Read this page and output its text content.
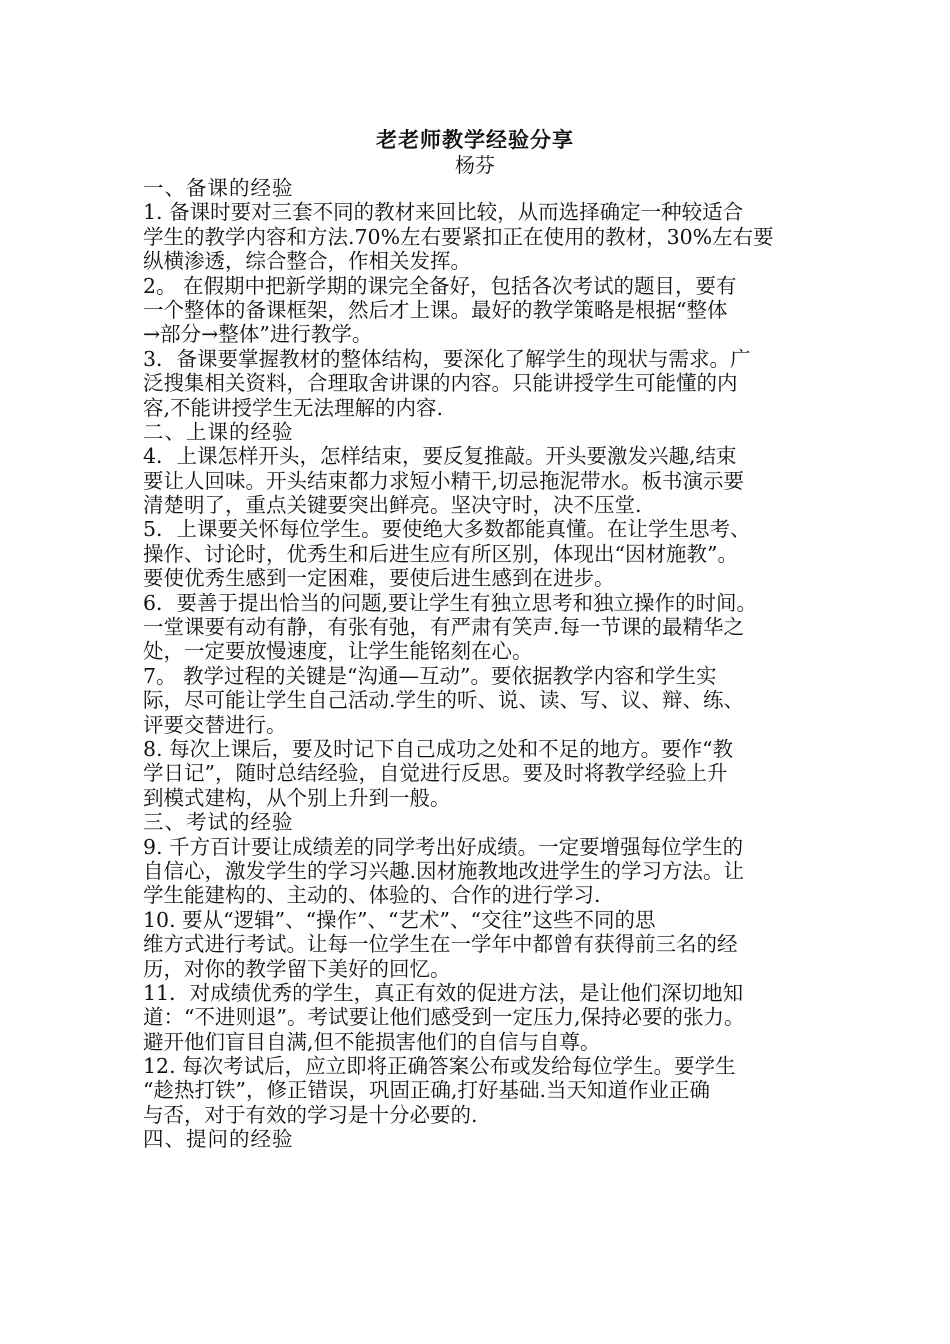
老老师教学经验分享
杨芬
一、备课的经验
1. 备课时要对三套不同的教材来回比较，从而选择确定一种较适合
学生的教学内容和方法.70%左右要紧扣正在使用的教材，30%左右要
纵横渗透，综合整合，作相关发挥。
2。 在假期中把新学期的课完全备好，包括各次考试的题目，要有
一个整体的备课框架，然后才上课。最好的教学策略是根据“整体
→部分→整体”进行教学。
3．备课要掌握教材的整体结构，要深化了解学生的现状与需求。广
泛搜集相关资料，合理取舍讲课的内容。只能讲授学生可能懂的内
容,不能讲授学生无法理解的内容.
二、上课的经验
4．上课怎样开头，怎样结束，要反复推敲。开头要激发兴趣,结束
要让人回味。开头结束都力求短小精干,切忌拖泥带水。板书演示要
清楚明了，重点关键要突出鲜亮。坚决守时，决不压堂.
5．上课要关怀每位学生。要使绝大多数都能真懂。在让学生思考、
操作、讨论时，优秀生和后进生应有所区别，体现出“因材施教”。
要使优秀生感到一定困难，要使后进生感到在进步。
6．要善于提出恰当的问题,要让学生有独立思考和独立操作的时间。
一堂课要有动有静，有张有弛，有严肃有笑声.每一节课的最精华之
处，一定要放慢速度，让学生能铭刻在心。
7。 教学过程的关键是“沟通—互动”。要依据教学内容和学生实
际，尽可能让学生自己活动.学生的听、说、读、写、议、辩、练、
评要交替进行。
8. 每次上课后，要及时记下自己成功之处和不足的地方。要作“教
学日记”，随时总结经验，自觉进行反思。要及时将教学经验上升
到模式建构，从个别上升到一般。
三、考试的经验
9. 千方百计要让成绩差的同学考出好成绩。一定要增强每位学生的
自信心，激发学生的学习兴趣.因材施教地改进学生的学习方法。让
学生能建构的、主动的、体验的、合作的进行学习.
10. 要从“逻辑”、“操作”、“艺术”、“交往”这些不同的思
维方式进行考试。让每一位学生在一学年中都曾有获得前三名的经
历，对你的教学留下美好的回忆。
11．对成绩优秀的学生，真正有效的促进方法，是让他们深切地知
道：“不进则退”。考试要让他们感受到一定压力,保持必要的张力。
避开他们盲目自满,但不能损害他们的自信与自尊。
12. 每次考试后，应立即将正确答案公布或发给每位学生。要学生
“趁热打铁”，修正错误，巩固正确,打好基础.当天知道作业正确
与否，对于有效的学习是十分必要的.
四、提问的经验
